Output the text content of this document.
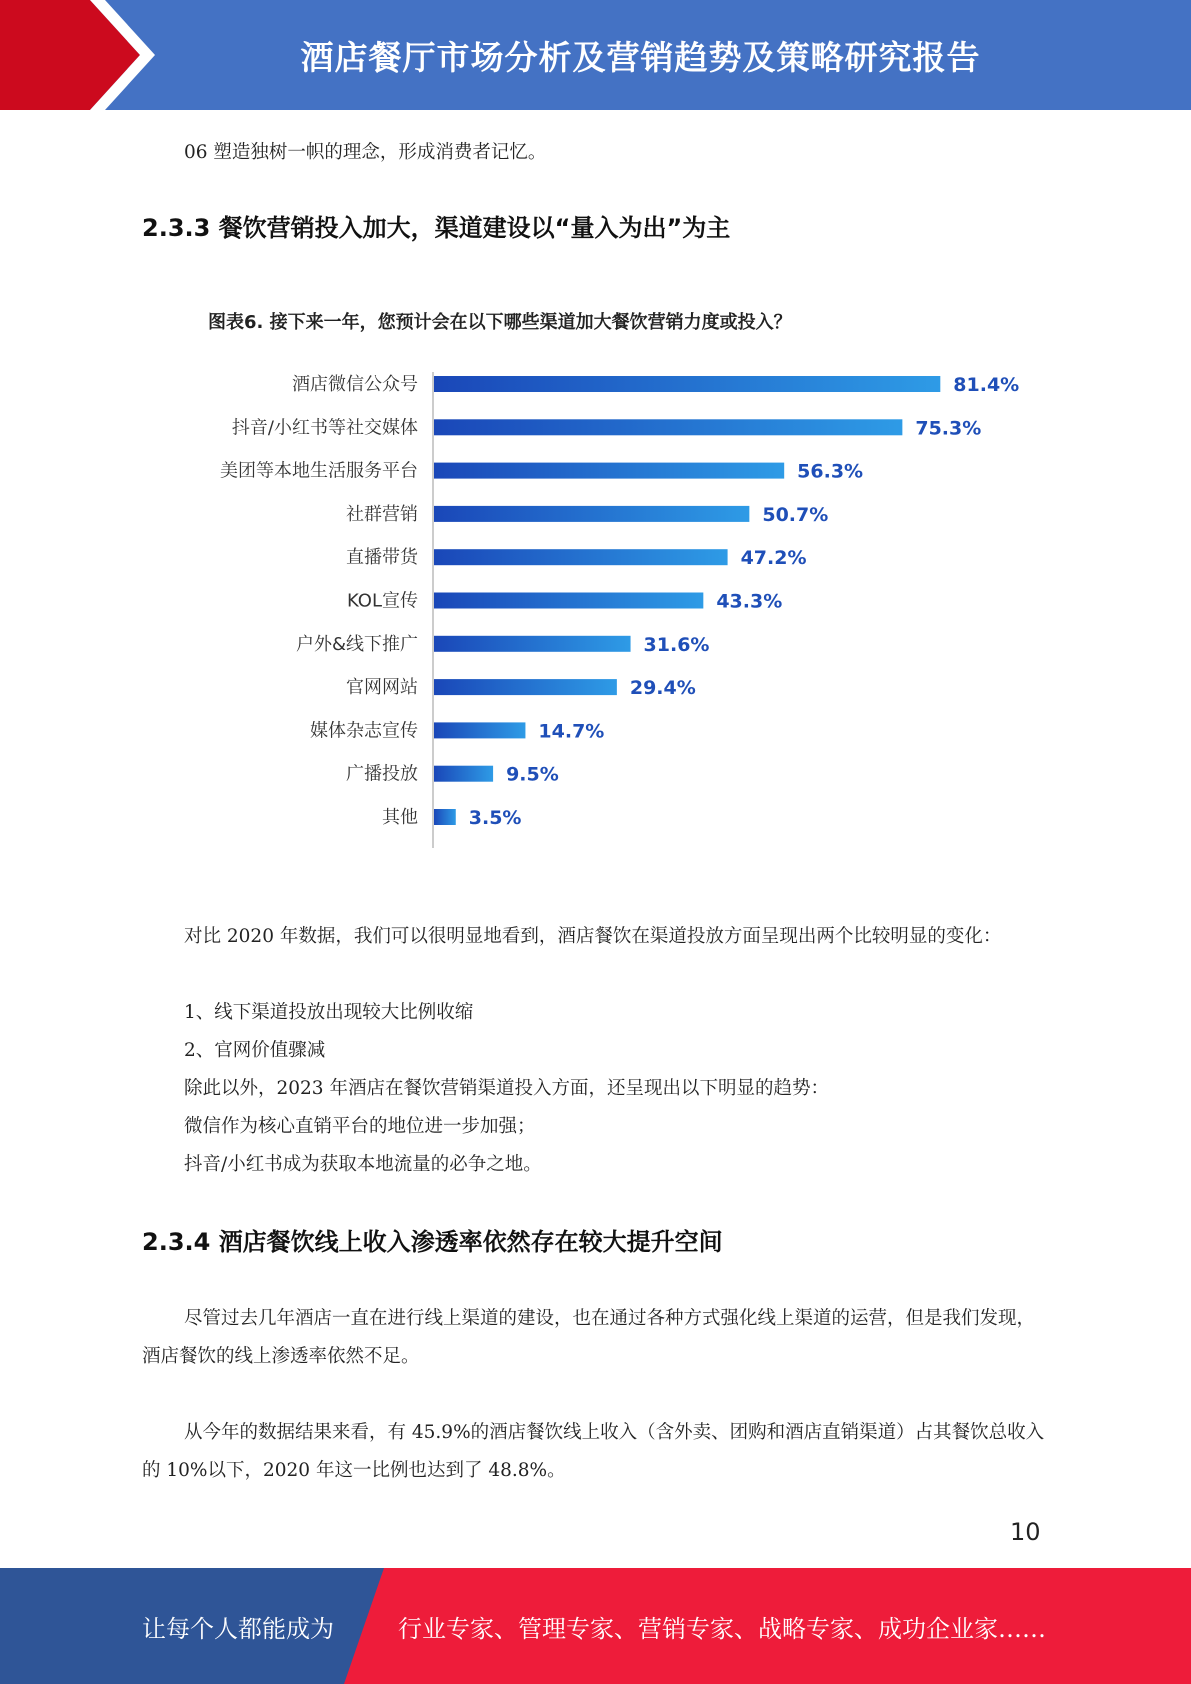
酒店餐厅市场分析及营销趋势及策略研究报告
06 塑造独树一帜的理念，形成消费者记忆。
2.3.3 餐饮营销投入加大，渠道建设以“量入为出”为主
图表6. 接下来一年，您预计会在以下哪些渠道加大餐饮营销力度或投入？
酒店微信公众号	81.4%
抖音/小红书等社交媒体	75.3%
美团等本地生活服务平台	56.3%
社群营销	50.7%
直播带货	47.2%
KOL宣传	43.3%
户外&线下推广	31.6%
官网网站	29.4%
媒体杂志宣传	14.7%
广播投放	9.5%
其他	3.5%
对比 2020 年数据，我们可以很明显地看到，酒店餐饮在渠道投放方面呈现出两个比较明显的变化：
1、线下渠道投放出现较大比例收缩
2、官网价值骤减
除此以外，2023 年酒店在餐饮营销渠道投入方面，还呈现出以下明显的趋势：
微信作为核心直销平台的地位进一步加强；
抖音/小红书成为获取本地流量的必争之地。
2.3.4 酒店餐饮线上收入渗透率依然存在较大提升空间
尽管过去几年酒店一直在进行线上渠道的建设，也在通过各种方式强化线上渠道的运营，但是我们发现，酒店餐饮的线上渗透率依然不足。
从今年的数据结果来看，有 45.9%的酒店餐饮线上收入（含外卖、团购和酒店直销渠道）占其餐饮总收入的 10%以下，2020 年这一比例也达到了 48.8%。
10
让每个人都能成为	行业专家、管理专家、营销专家、战略专家、成功企业家……
